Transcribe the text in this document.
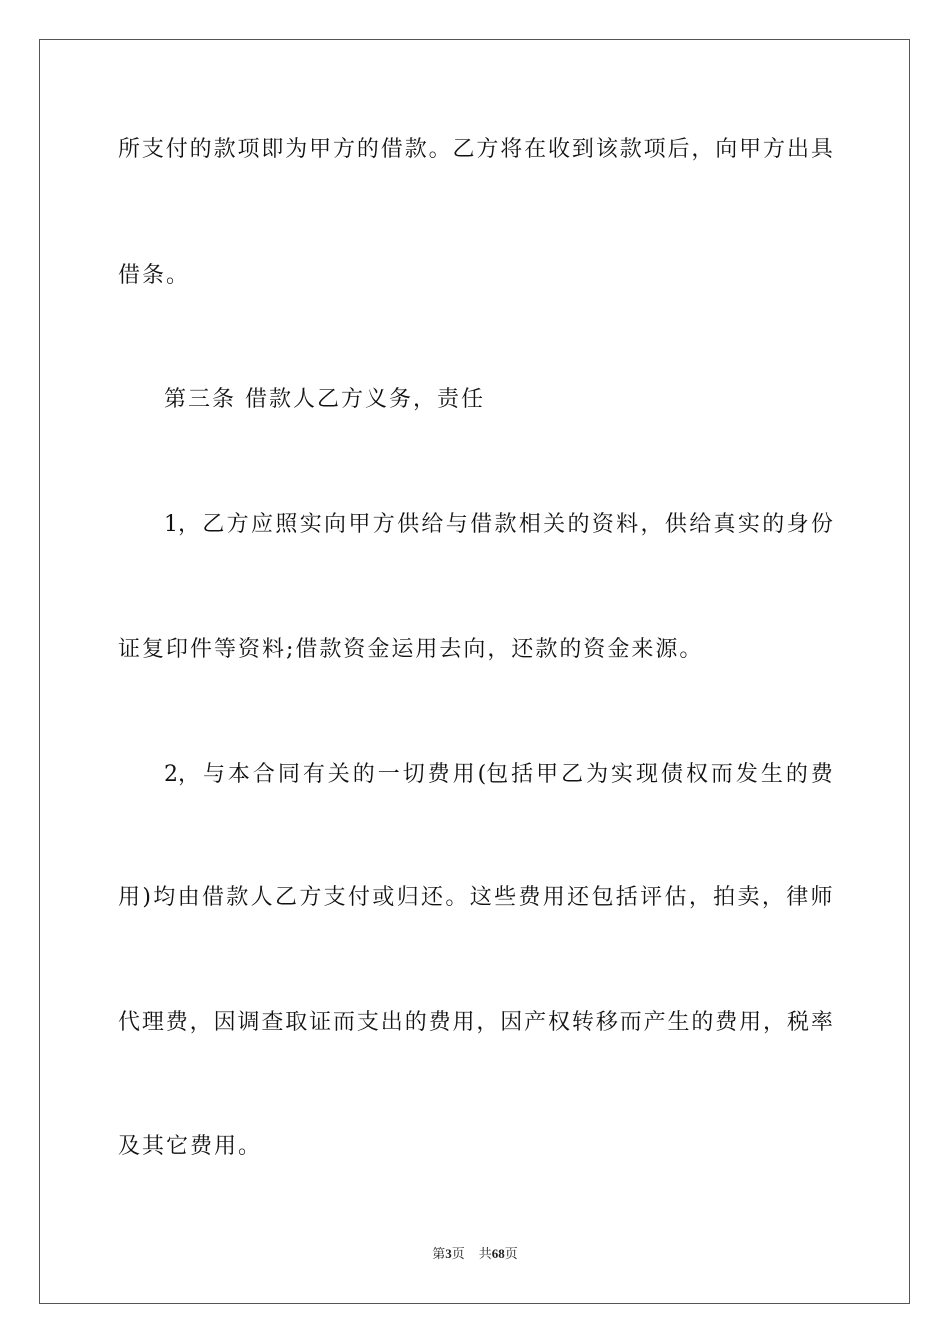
所 支 付 的 款 项 即 为 甲 方 的 借 款 。 乙 方 将 在 收 到 该 款 项 后 ， 向 甲 方 出 具
借条。
第三条 借款人乙方义务，责任
1， 乙 方 应 照 实 向 甲 方 供 给 与 借 款 相 关 的 资 料 ， 供 给 真 实 的 身 份
证复印件等资料;借款资金运用去向，还款的资金来源。
2， 与 本 合 同 有 关 的 一 切 费 用 (包 括 甲 乙 为 实 现 债 权 而 发 生 的 费
用 ) 均 由 借 款 人 乙 方 支 付 或 归 还 。 这 些 费 用 还 包 括 评 估 ， 拍 卖 ， 律 师
代 理 费 ， 因 调 查 取 证 而 支 出 的 费 用 ， 因 产 权 转 移 而 产 生 的 费 用 ， 税 率
及其它费用。
第3页 共68页
